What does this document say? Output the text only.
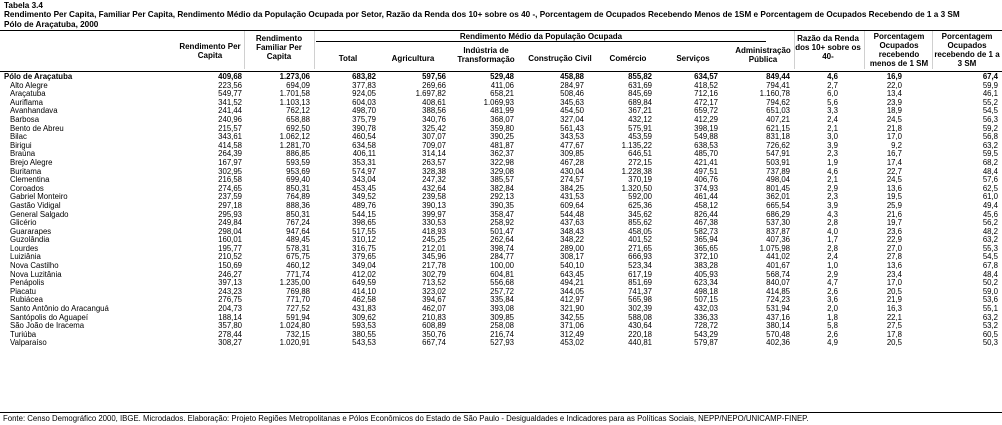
Tabela 3.4
Rendimento Per Capita, Familiar Per Capita, Rendimento Médio da População Ocupada por Setor, Razão da Renda dos 10+ sobre os 40 -, Porcentagem de Ocupados Recebendo Menos de 1SM e Porcentagem de Ocupados Recebendo de 1 a 3 SM
Pólo de Araçatuba, 2000
Rendimento Per Capita
Rendimento Familiar Per Capita
Rendimento Médio da População Ocupada
Total	Agricultura
Indústria de Transformação	Construção Civil	Comércio	Serviços
Administração Pública
Razão da Renda dos 10+ sobre os 40-
Porcentagem Ocupados recebendo menos de 1 SM
Porcentagem Ocupados recebendo de 1 a 3 SM
Pólo de Araçatuba	409,68	1.273,06	683,82	597,56	529,48	458,88	855,82	634,57	849,44	4,6	16,9	67,4
Alto Alegre	223,56	694,09	377,83	269,66	411,06	284,97	631,69	418,52	794,41	2,7	22,0	59,9
Araçatuba	549,77	1.701,58	924,05	1.697,82	658,21	508,46	845,69	712,16	1.160,78	6,0	13,4	46,1
Auriflama	341,52	1.103,13	604,03	408,61	1.069,93	345,63	689,84	472,17	794,62	5,6	23,9	55,2
Avanhandava	241,44	762,12	498,70	388,56	481,99	454,50	367,21	659,72	651,03	3,3	18,9	54,5
Barbosa	240,96	658,88	375,79	340,76	368,07	327,04	432,12	412,29	407,21	2,4	24,5	56,3
Bento de Abreu	215,57	692,50	390,78	325,42	359,80	561,43	575,91	398,19	621,15	2,1	21,8	59,2
Bilac	343,61	1.062,12	460,54	307,07	390,25	343,53	453,59	549,88	831,18	3,0	17,0	56,8
Birigui	414,58	1.281,70	634,58	709,07	481,87	477,67	1.135,22	638,53	726,62	3,9	9,2	63,2
Braúna	264,39	886,85	406,11	314,14	362,37	309,85	646,51	485,70	547,91	2,3	16,7	59,5
Brejo Alegre	167,97	593,59	353,31	263,57	322,98	467,28	272,15	421,41	503,91	1,9	17,4	68,2
Buritama	302,95	953,69	574,97	328,38	329,08	430,04	1.228,38	497,51	737,89	4,6	22,7	48,4
Clementina	216,58	699,40	343,04	247,32	385,57	274,57	370,19	406,76	498,04	2,1	24,5	57,6
Coroados	274,65	850,31	453,45	432,64	382,84	384,25	1.320,50	374,93	801,45	2,9	13,6	62,5
Gabriel Monteiro	237,59	764,89	349,52	239,58	292,13	431,53	592,00	461,44	362,01	2,3	19,5	61,0
Gastão Vidigal	297,18	888,36	489,76	390,13	390,35	609,64	625,36	458,12	665,54	3,9	25,9	49,4
General Salgado	295,93	850,31	544,15	399,97	358,47	544,48	345,62	826,44	686,29	4,3	21,6	45,6
Glicério	249,84	767,24	398,65	330,53	258,92	437,63	855,62	467,38	537,30	2,8	19,7	56,2
Guararapes	298,04	947,64	517,55	418,93	501,47	348,43	458,05	582,73	837,87	4,0	23,6	48,2
Guzolândia	160,01	489,45	310,12	245,25	262,64	348,22	401,52	365,94	407,36	1,7	22,9	63,2
Lourdes	195,77	578,31	316,75	212,01	398,74	289,00	271,65	365,65	1.075,98	2,8	27,0	55,3
Luiziânia	210,52	675,75	379,65	345,96	284,77	308,17	666,93	372,10	441,02	2,4	27,8	54,5
Nova Castilho	150,69	460,12	349,04	217,78	100,00	540,10	523,34	383,28	401,67	1,0	13,6	67,8
Nova Luzitânia	246,27	771,74	412,02	302,79	604,81	643,45	617,19	405,93	568,74	2,9	23,4	48,4
Penápolis	397,13	1.235,00	649,59	713,52	556,68	494,21	851,69	623,34	840,07	4,7	17,0	50,2
Piacatu	243,23	769,88	414,10	323,02	257,72	344,05	741,37	498,18	414,85	2,6	20,5	59,0
Rubiácea	276,75	771,70	462,58	394,67	335,84	412,97	565,98	507,15	724,23	3,6	21,9	53,6
Santo Antônio do Aracanguá	204,73	727,52	431,83	462,07	393,08	321,90	302,39	432,03	531,94	2,0	16,3	55,1
Santópolis do Aguapeí	188,14	591,94	309,62	210,83	309,85	342,55	588,08	336,33	437,16	1,8	22,1	63,2
São João de Iracema	357,80	1.024,80	593,53	608,89	258,08	371,06	430,64	728,72	380,14	5,8	27,5	53,2
Turiúba	278,44	732,15	380,55	350,76	216,74	312,49	220,18	543,29	570,48	2,6	17,8	60,5
Valparaíso	308,27	1.020,91	543,53	667,74	527,93	453,02	440,81	579,87	402,36	4,9	20,5	50,3
Fonte: Censo Demográfico 2000, IBGE. Microdados. Elaboração: Projeto Regiões Metropolitanas e Pólos Econômicos do Estado de São Paulo - Desigualdades e Indicadores para as Políticas Sociais, NEPP/NEPO/UNICAMP-FINEP.
